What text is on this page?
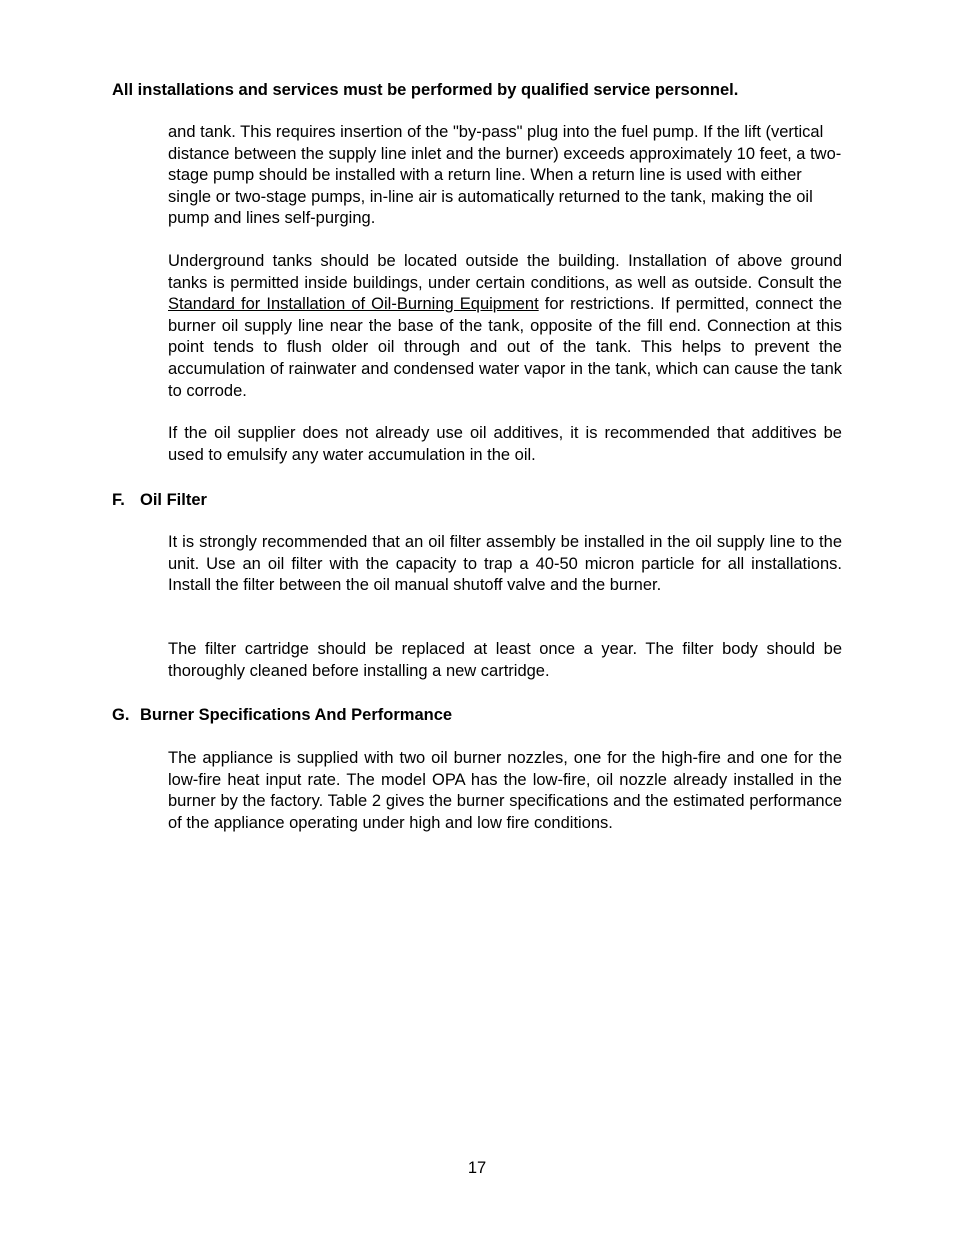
All installations and services must be performed by qualified service personnel.

and tank. This requires insertion of the "by-pass" plug into the fuel pump. If the lift (vertical distance between the supply line inlet and the burner) exceeds approximately 10 feet, a two-stage pump should be installed with a return line. When a return line is used with either single or two-stage pumps, in-line air is automatically returned to the tank, making the oil pump and lines self-purging.

Underground tanks should be located outside the building. Installation of above ground tanks is permitted inside buildings, under certain conditions, as well as outside. Consult the Standard for Installation of Oil-Burning Equipment for restrictions. If permitted, connect the burner oil supply line near the base of the tank, opposite of the fill end. Connection at this point tends to flush older oil through and out of the tank. This helps to prevent the accumulation of rainwater and condensed water vapor in the tank, which can cause the tank to corrode.

If the oil supplier does not already use oil additives, it is recommended that additives be used to emulsify any water accumulation in the oil.

F. Oil Filter

It is strongly recommended that an oil filter assembly be installed in the oil supply line to the unit. Use an oil filter with the capacity to trap a 40-50 micron particle for all installations. Install the filter between the oil manual shutoff valve and the burner.

The filter cartridge should be replaced at least once a year. The filter body should be thoroughly cleaned before installing a new cartridge.

G. Burner Specifications And Performance

The appliance is supplied with two oil burner nozzles, one for the high-fire and one for the low-fire heat input rate. The model OPA has the low-fire, oil nozzle already installed in the burner by the factory. Table 2 gives the burner specifications and the estimated performance of the appliance operating under high and low fire conditions.

17
